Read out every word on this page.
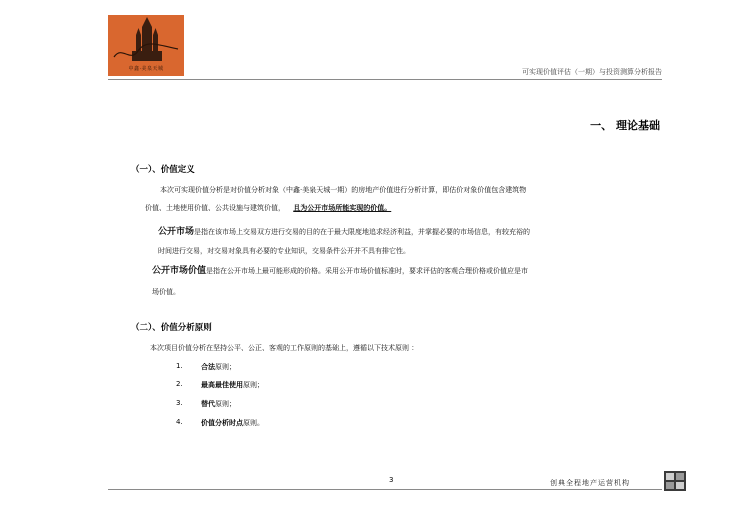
中鑫·美泉天城	可实现价值评估（一期）与投资测算分析报告
一、 理论基础
（一）、价值定义
本次可实现价值分析是对价值分析对象（中鑫·美泉天城一期）的房地产价值进行分析计算，即估价对象价值包含建筑物
价值、土地使用价值、公共设施与建筑价值， 且为公开市场所能实现的价值。
公开市场是指在该市场上交易双方进行交易的目的在于最大限度地追求经济利益，并掌握必要的市场信息，有较充裕的
时间进行交易，对交易对象具有必要的专业知识，交易条件公开并不具有排它性。
公开市场价值是指在公开市场上最可能形成的价格。采用公开市场价值标准时，要求评估的客观合理价格或价值应是市
场价值。
（二）、价值分析原则
本次项目价值分析在坚持公平、公正、客观的工作原则的基础上，遵循以下技术原则 ：
1.	合法原则；
2.	最高最佳使用原则；
3.	替代原则；
4.	价值分析时点原则。
3	创典全程地产运营机构
